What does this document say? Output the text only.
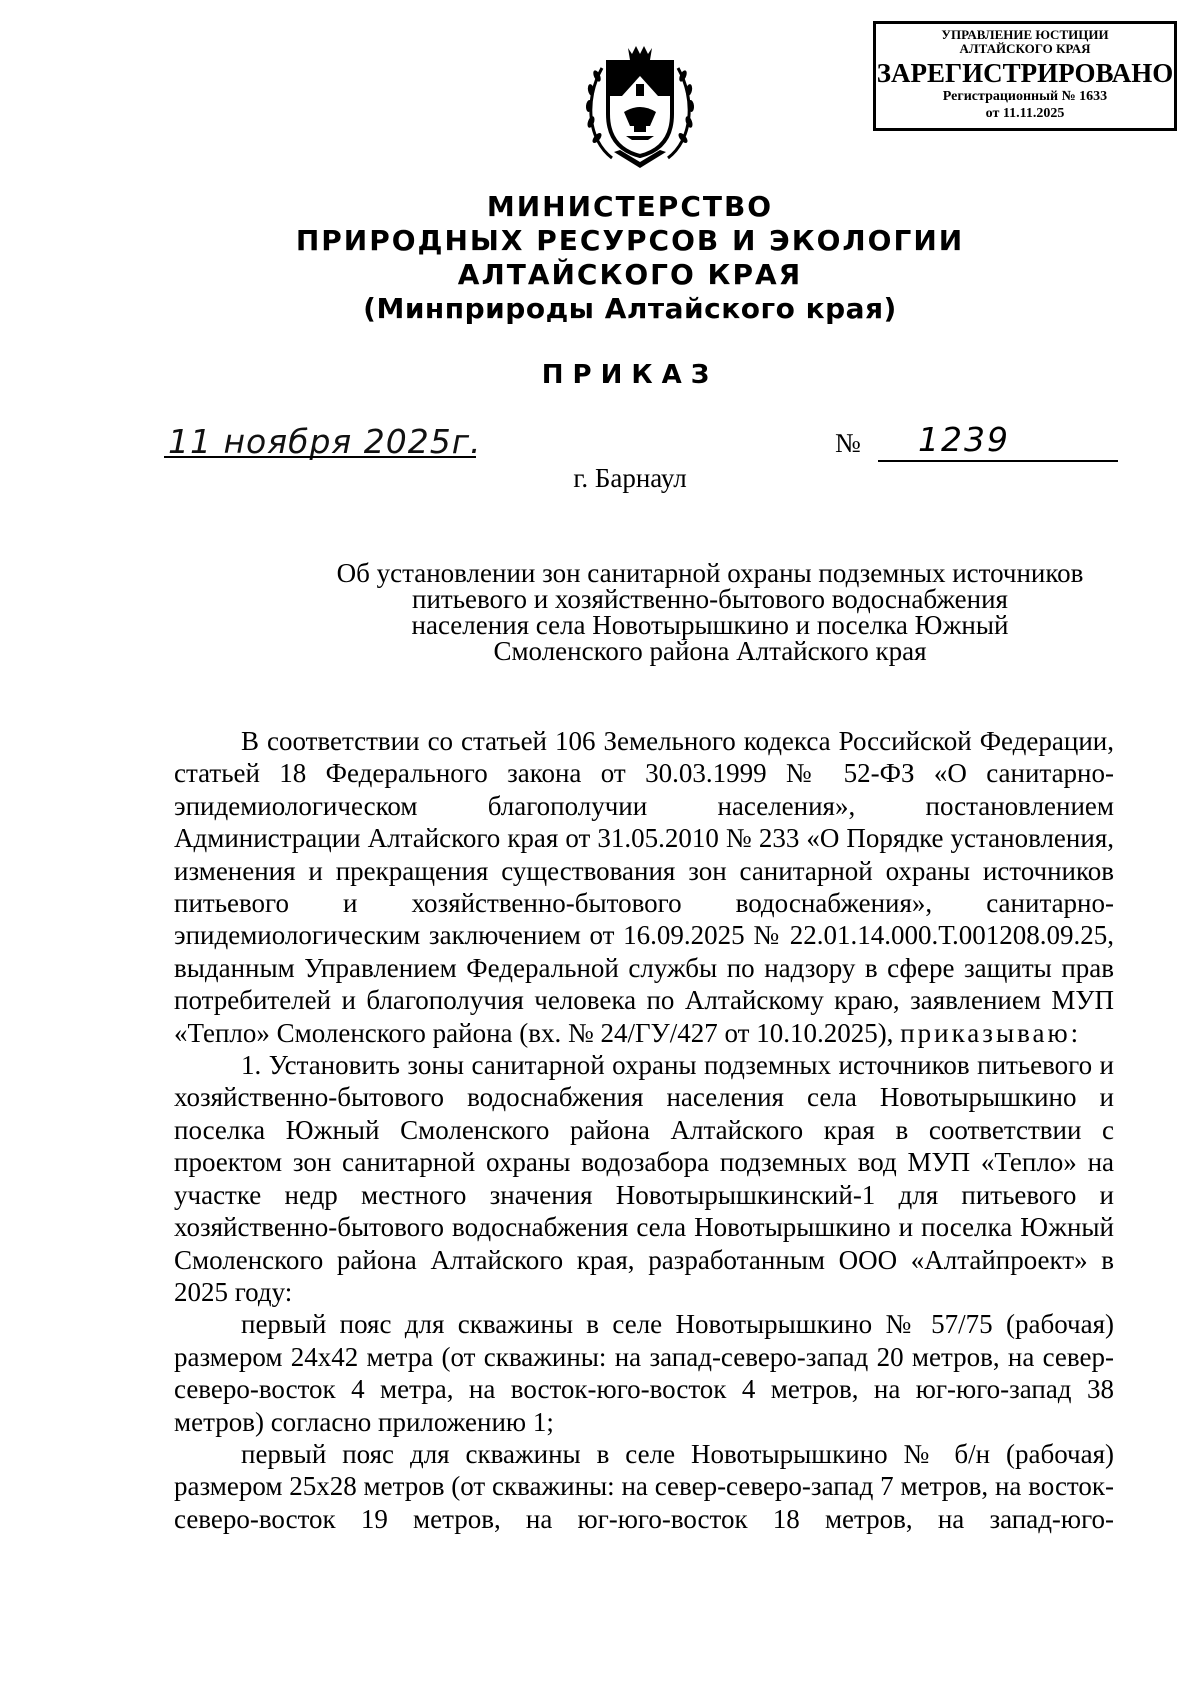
УПРАВЛЕНИЕ ЮСТИЦИИ
АЛТАЙСКОГО КРАЯ
ЗАРЕГИСТРИРОВАНО
Регистрационный № 1633
от 11.11.2025
МИНИСТЕРСТВО
ПРИРОДНЫХ РЕСУРСОВ И ЭКОЛОГИИ
АЛТАЙСКОГО КРАЯ
(Минприроды Алтайского края)
ПРИКАЗ
11 ноября 2025г.	№ 1239
г. Барнаул
Об установлении зон санитарной охраны подземных источников
питьевого и хозяйственно-бытового водоснабжения
населения села Новотырышкино и поселка Южный
Смоленского района Алтайского края

В соответствии со статьей 106 Земельного кодекса Российской Федерации, статьей 18 Федерального закона от 30.03.1999 № 52-ФЗ «О санитарно-эпидемиологическом благополучии населения», постановлением Администрации Алтайского края от 31.05.2010 № 233 «О Порядке установления, изменения и прекращения существования зон санитарной охраны источников питьевого и хозяйственно-бытового водоснабжения», санитарно-эпидемиологическим заключением от 16.09.2025 № 22.01.14.000.Т.001208.09.25, выданным Управлением Федеральной службы по надзору в сфере защиты прав потребителей и благополучия человека по Алтайскому краю, заявлением МУП «Тепло» Смоленского района (вх. № 24/ГУ/427 от 10.10.2025), приказываю:

1. Установить зоны санитарной охраны подземных источников питьевого и хозяйственно-бытового водоснабжения населения села Новотырышкино и поселка Южный Смоленского района Алтайского края в соответствии с проектом зон санитарной охраны водозабора подземных вод МУП «Тепло» на участке недр местного значения Новотырышкинский-1 для питьевого и хозяйственно-бытового водоснабжения села Новотырышкино и поселка Южный Смоленского района Алтайского края, разработанным ООО «Алтайпроект» в 2025 году:

первый пояс для скважины в селе Новотырышкино № 57/75 (рабочая) размером 24х42 метра (от скважины: на запад-северо-запад 20 метров, на север-северо-восток 4 метра, на восток-юго-восток 4 метров, на юг-юго-запад 38 метров) согласно приложению 1;

первый пояс для скважины в селе Новотырышкино № б/н (рабочая) размером 25х28 метров (от скважины: на север-северо-запад 7 метров, на восток-северо-восток 19 метров, на юг-юго-восток 18 метров, на запад-юго-
